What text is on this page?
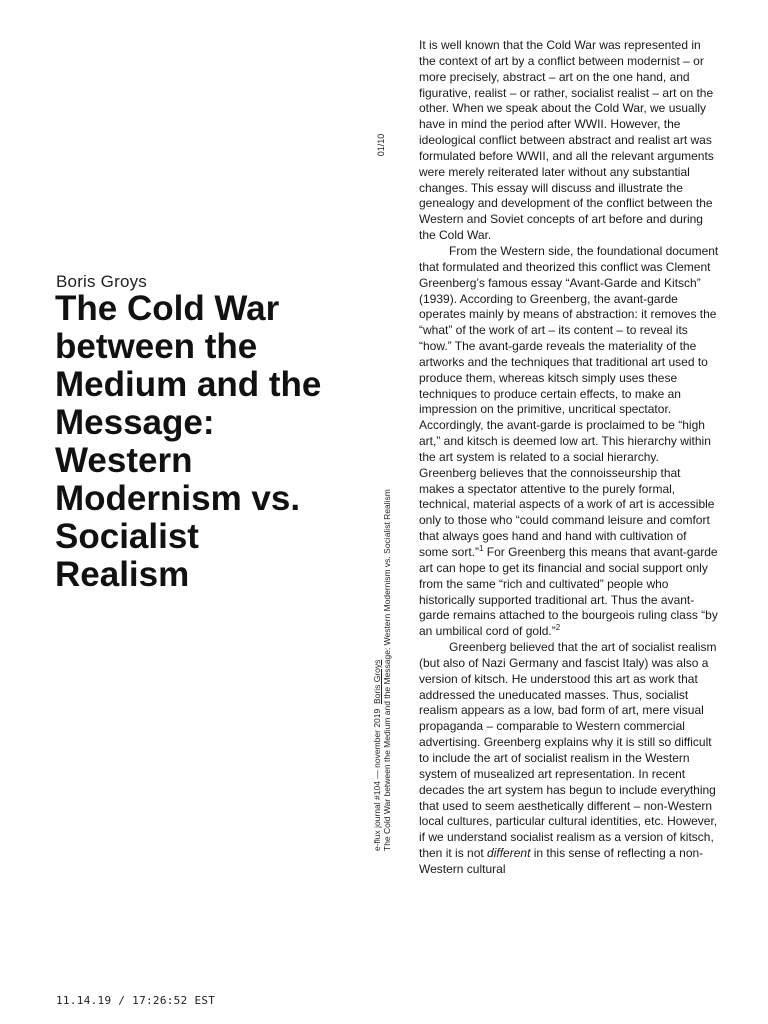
Boris Groys
The Cold War
between the
Medium and the
Message:
Western
Modernism vs.
Socialist
Realism
01/10
e-flux journal #104 — november 2019  Boris Groys The Cold War between the Medium and the Message: Western Modernism vs. Socialist Realism

It is well known that the Cold War was represented in the context of art by a conflict between modernist – or more precisely, abstract – art on the one hand, and figurative, realist – or rather, socialist realist – art on the other. When we speak about the Cold War, we usually have in mind the period after WWII. However, the ideological conflict between abstract and realist art was formulated before WWII, and all the relevant arguments were merely reiterated later without any substantial changes. This essay will discuss and illustrate the genealogy and development of the conflict between the Western and Soviet concepts of art before and during the Cold War.

From the Western side, the foundational document that formulated and theorized this conflict was Clement Greenberg’s famous essay “Avant-Garde and Kitsch” (1939). According to Greenberg, the avant-garde operates mainly by means of abstraction: it removes the “what” of the work of art – its content – to reveal its “how.” The avant-garde reveals the materiality of the artworks and the techniques that traditional art used to produce them, whereas kitsch simply uses these techniques to produce certain effects, to make an impression on the primitive, uncritical spectator. Accordingly, the avant-garde is proclaimed to be “high art,” and kitsch is deemed low art. This hierarchy within the art system is related to a social hierarchy. Greenberg believes that the connoisseurship that makes a spectator attentive to the purely formal, technical, material aspects of a work of art is accessible only to those who “could command leisure and comfort that always goes hand and hand with cultivation of some sort.”$^1$ For Greenberg this means that avant-garde art can hope to get its financial and social support only from the same “rich and cultivated” people who historically supported traditional art. Thus the avant-garde remains attached to the bourgeois ruling class “by an umbilical cord of gold.”$^2$

Greenberg believed that the art of socialist realism (but also of Nazi Germany and fascist Italy) was also a version of kitsch. He understood this art as work that addressed the uneducated masses. Thus, socialist realism appears as a low, bad form of art, mere visual propaganda – comparable to Western commercial advertising. Greenberg explains why it is still so difficult to include the art of socialist realism in the Western system of musealized art representation. In recent decades the art system has begun to include everything that used to seem aesthetically different – non-Western local cultures, particular cultural identities, etc. However, if we understand socialist realism as a version of kitsch, then it is not different in this sense of reflecting a non-Western cultural

11.14.19 / 17:26:52 EST
